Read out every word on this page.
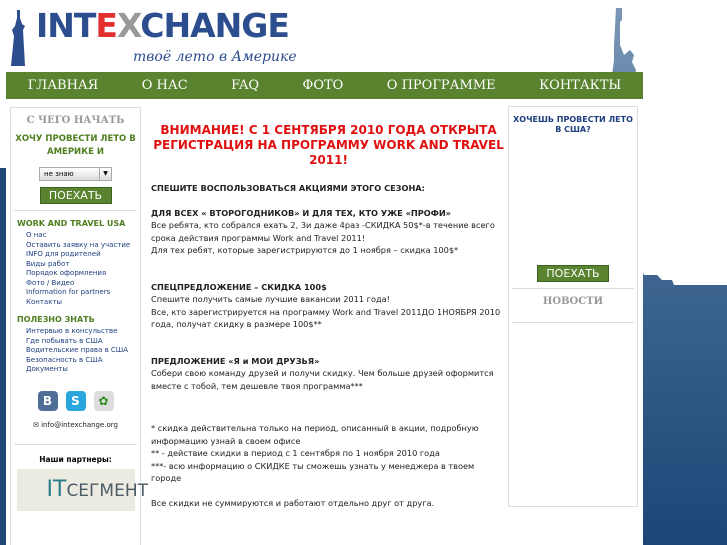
INTEXCHANGE
твоё лето в Америке
ГЛАВНАЯ	О НАС	FAQ	ФОТО	О ПРОГРАММЕ	КОНТАКТЫ
С ЧЕГО НАЧАТЬ
ХОЧУ ПРОВЕСТИ ЛЕТО В АМЕРИКЕ И
не знаю	▼
ПОЕХАТЬ
WORK AND TRAVEL USA
О нас
Оставить заявку на участие
INFO для родителей
Виды работ
Порядок оформления
Фото / Видео
Information for partners
Контакты
ПОЛЕЗНО ЗНАТЬ
Интервью в консульстве
Где побывать в США
Водительские права в США
Безопасность в США
Документы
В	S	✿
✉ info@intexchange.org
Наши партнеры:
ITСЕГМЕНТ
ВНИМАНИЕ! С 1 СЕНТЯБРЯ 2010 ГОДА ОТКРЫТА РЕГИСТРАЦИЯ НА ПРОГРАММУ WORK AND TRAVEL 2011!

СПЕШИТЕ ВОСПОЛЬЗОВАТЬСЯ АКЦИЯМИ ЭТОГО СЕЗОНА:

ДЛЯ ВСЕХ « ВТОРОГОДНИКОВ» И ДЛЯ ТЕХ, КТО УЖЕ «ПРОФИ»
Все ребята, кто собрался ехать 2, 3и даже 4раз -СКИДКА 50$*-в течение всего срока действия программы Work and Travel 2011!
Для тех ребят, которые зарегистрируются до 1 ноября – скидка 100$*

СПЕЦПРЕДЛОЖЕНИЕ – СКИДКА 100$
Спешите получить самые лучшие вакансии 2011 года!
Все, кто зарегистрируется на программу Work and Travel 2011ДО 1НОЯБРЯ 2010 года, получат скидку в размере 100$**

ПРЕДЛОЖЕНИЕ «Я и МОИ ДРУЗЬЯ»
Собери свою команду друзей и получи скидку. Чем больше друзей оформится вместе с тобой, тем дешевле твоя программа***

* скидка действительна только на период, описанный в акции, подробную информацию узнай в своем офисе
** - действие скидки в период с 1 сентября по 1 ноября 2010 года
***- всю информацию о СКИДКЕ ты сможешь узнать у менеджера в твоем городе

Все скидки не суммируются и работают отдельно друг от друга.

ХОЧЕШЬ ПРОВЕСТИ ЛЕТО В США?
ПОЕХАТЬ
НОВОСТИ
